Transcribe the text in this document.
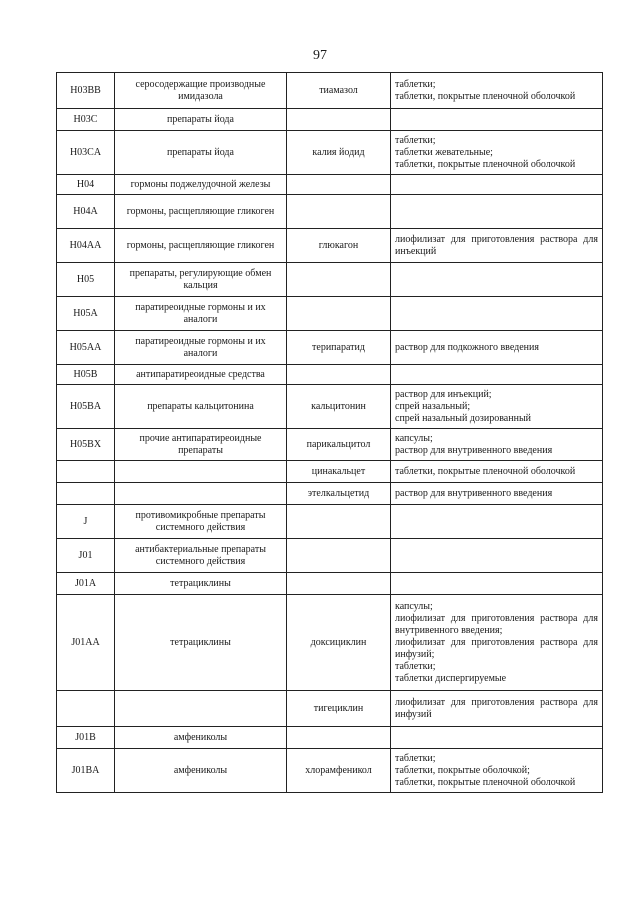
97
H03BB	серосодержащие производные имидазола	тиамазол	таблетки;
таблетки, покрытые пленочной оболочкой

H03C	препараты йода		
H03CA	препараты йода	калия йодид	таблетки;
таблетки жевательные;
таблетки, покрытые пленочной оболочкой

H04	гормоны поджелудочной железы		
H04A	гормоны, расщепляющие гликоген		
H04AA	гормоны, расщепляющие гликоген	глюкагон	лиофилизат для приготовления раствора для инъекций

H05	препараты, регулирующие обмен кальция		
H05A	паратиреоидные гормоны и их аналоги		
H05AA	паратиреоидные гормоны и их аналоги	терипаратид	раствор для подкожного введения

H05B	антипаратиреоидные средства		
H05BA	препараты кальцитонина	кальцитонин	раствор для инъекций;
спрей назальный;
спрей назальный дозированный

H05BX	прочие антипаратиреоидные препараты	парикальцитол	капсулы;
раствор для внутривенного введения

		цинакальцет	таблетки, покрытые пленочной оболочкой

		этелкальцетид	раствор для внутривенного введения

J	противомикробные препараты системного действия		
J01	антибактериальные препараты системного действия		
J01A	тетрациклины		
J01AA	тетрациклины	доксициклин	капсулы;
лиофилизат для приготовления раствора для внутривенного введения;
лиофилизат для приготовления раствора для инфузий;
таблетки;
таблетки диспергируемые

		тигециклин	лиофилизат для приготовления раствора для инфузий

J01B	амфениколы		
J01BA	амфениколы	хлорамфеникол	таблетки;
таблетки, покрытые оболочкой;
таблетки, покрытые пленочной оболочкой
